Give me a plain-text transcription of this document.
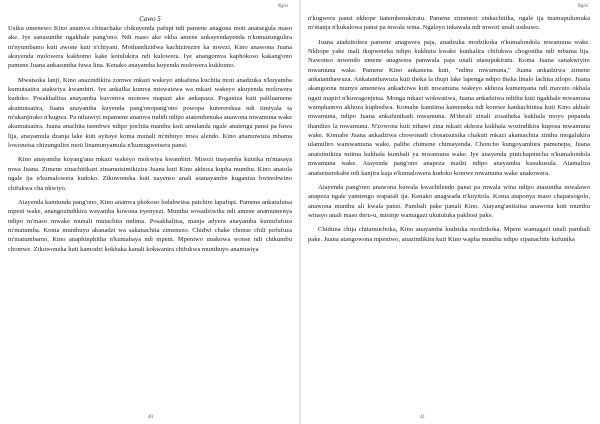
Ngisi

Cawo 5

Usiku umenewo Kino anamva chinachake chikuyenda pafupi ndi pamene anagona moti anatsegula maso ake. Iye sanasunthe ngakhale pang'ono. Ndi maso ake okha amene ankayendayenda n'kumazungulira m'nyumbamo kuti awone kuti n'chiyani. Mothandizidwa kachizirezire ka mwezi, Kino anawona Juana akuyenda molowera kakhomo kake kotulukira ndi kulowera. Iye anangomva kaphokoso kakang'ono pamene Juana ankasuntha fuwa lina. Kenako anayamba kuyenda molowera kukhomo.

Mwatsoka lanji, Kino anazindikira zomwe mkazi wakeyo ankafuna kuchita moti anadzuka n'kuyamba kumutsatira atakwiya kwambiri. Iye ankafka kumva mtswatswa wa mkazi wakeyo akuyenda molowera kudoko. Posakhalitsa anayamba kuvomva momwe mapazi ake ankapaza. Poganiza kuti paliluamene akumutsatira, Juana anayamba kuyenda pang'onopang'ono powopa kutererekua ndi timiyala ta m'ukanjirako n'kugwa. Pa nthawiyi mpamene anamva mdidi ndipo atatembenuka anawona mwamuna wake akumutsatira. Juana anachita tsembwe ndipo pochita manthu kuti amulanda ngale anatenga pansi pa fuwa lija, anayamula dzanja lake kuti ayitaye koma munali m'mbuyo mwa alendo. Kino anamuwuza mbama lowonetsa chizungulire moti linamunyamula n'kumugwetsera pansi.

Kino anayamba kuyang'ana mkazi wakeyo mokwiya kwambiri. Misozi inayamba kutsika m'masaya mwa Juana. Zimene zinachitikazi zinamutsimikizira Juana kuti Kino akhoza kupha munthu. Kino anatola ngale ija n'kumalowera kudoko. Zikuwoneka kuti nayenso anali asanayambe kuganiza bwinobwino chifukwa cha nkwiyo.

Atayenda kamtunda pang'ono, Kino anamva phokoso lodabwitsa patchire lapafupi. Pamene ankatulutsa mpeni wake, anangozindikira wayamba kuwona nyenyezi. Munthu wosadziwika ndi amene anamumenya ndipo m'maso mwake munali mutachita mdima. Posakhalitsa, manja adyera anayamba kumufufuza m'matumba. Koma munthuyu akanadzi wa sakanachita zimenezo. Chidwi chake chonse chili pofufuza m'matumbamo, Kino anaphinphitha n'kumabaya ndi mpeni. Mpeniwo unakowa wonse ndi chikumbu chomwe. Zikuwoneka kuti kamodzi kokhaka kanali kokwanira chifukwa munthuyo anamusiya

40
Ngisi

n'kugwera pansi nkhope itatembenukiratu. Pamene zimenezi zinkachitika, ngale ija inamupulumuka m'manja n'kukalowa pansi pa mwala wina. Ngaleyo inkawala ndi mwezi unali usikuwo.

Juana atadzitolera pamene anagwera paja, anadzuka modzikoka n'kumalondola mwamuna wake. Nkhope yake inali ikupweteka ndipo kukhutu kwake kunkalira chifukwa chogontha ndi mbama lija. Nawonso mwendo umene anagwera pamwala paja unali utasupukiratu. Koma Juana sanakwiyire mwamuna wake. Pamene Kino ankanena kuti, "ndine mwamuna," Juana ankadziwa zimene ankatanthawuza. Ankatanthawuza kuti theka la thupi lake lapenga ndipo theka linalo lachita zilopo. Juana akangoona munyu amenewa ankadziwa kuti mwamuna wakeyo akhoza kumenyana ndi mavuto okhala ngati mapiri n'kuwagonjetsa. Monga mkazi wokwatiwa, Juana ankadziwa ndithu kuti ngakhale mwamuna wamphamvu akhoza kuphedwa. Komabe kamtima kameneka ndi komwe kankachititsa kuti Kino akhale mwamuna, ndipo Juana ankafunikadi mwamuna. M'derali zinali zosatheka kukhala moyo popanda thandizo la mwamuna. N'zowona kuti nthawi zina mkazi akhoza kukhala wozindikira kuposa mwamuna wake. Komabe Juana ankadziwa chowonadi chosatsutsika chakuti mkazi akamachita zinthu mogalukira ulamuliro wamwamuna wake, palibe chimene chimayenda. Choncho kungoyambira pamenepa, Juana anatsimikiza mtima kukhala kumbali ya mwamuna wake. Iye anayenda pintchapintcha n'kumalondola mwamuna wake. Atayenda pang'ono anapeza madzi ndipo anayamba kusukusula. Atamaliza anatsetserekabe ndi kanjira kaja n'kumalowera kudoko komwe mwamuna wake anakowera.

Atayenda pang'ono anawona kuwala kwachilendo pansi pa mwala wina ndipo atasuntha mwalawo anapeza ngale yamtengo wapatali ija. Kenako anagwada n'kuyitola. Koma ataponya maso chapatsogolo, anawona munthu ali kwala pansi. Pambali pake panali Kino. Atayang'anitsitsa anawona kuti munthu winayo anali maso deru-u, mtsinje wamagazi ukutuluka pakhosi pake.

Chidima chija chitamuchoka, Kino anayamba kudzuka modzikoka. Mpeni wamagazi unali pambali pake. Juana atangowona mpeniwo, anazindikira kuti Kino wapha munthu ndipo sipanachite kufunika

41
